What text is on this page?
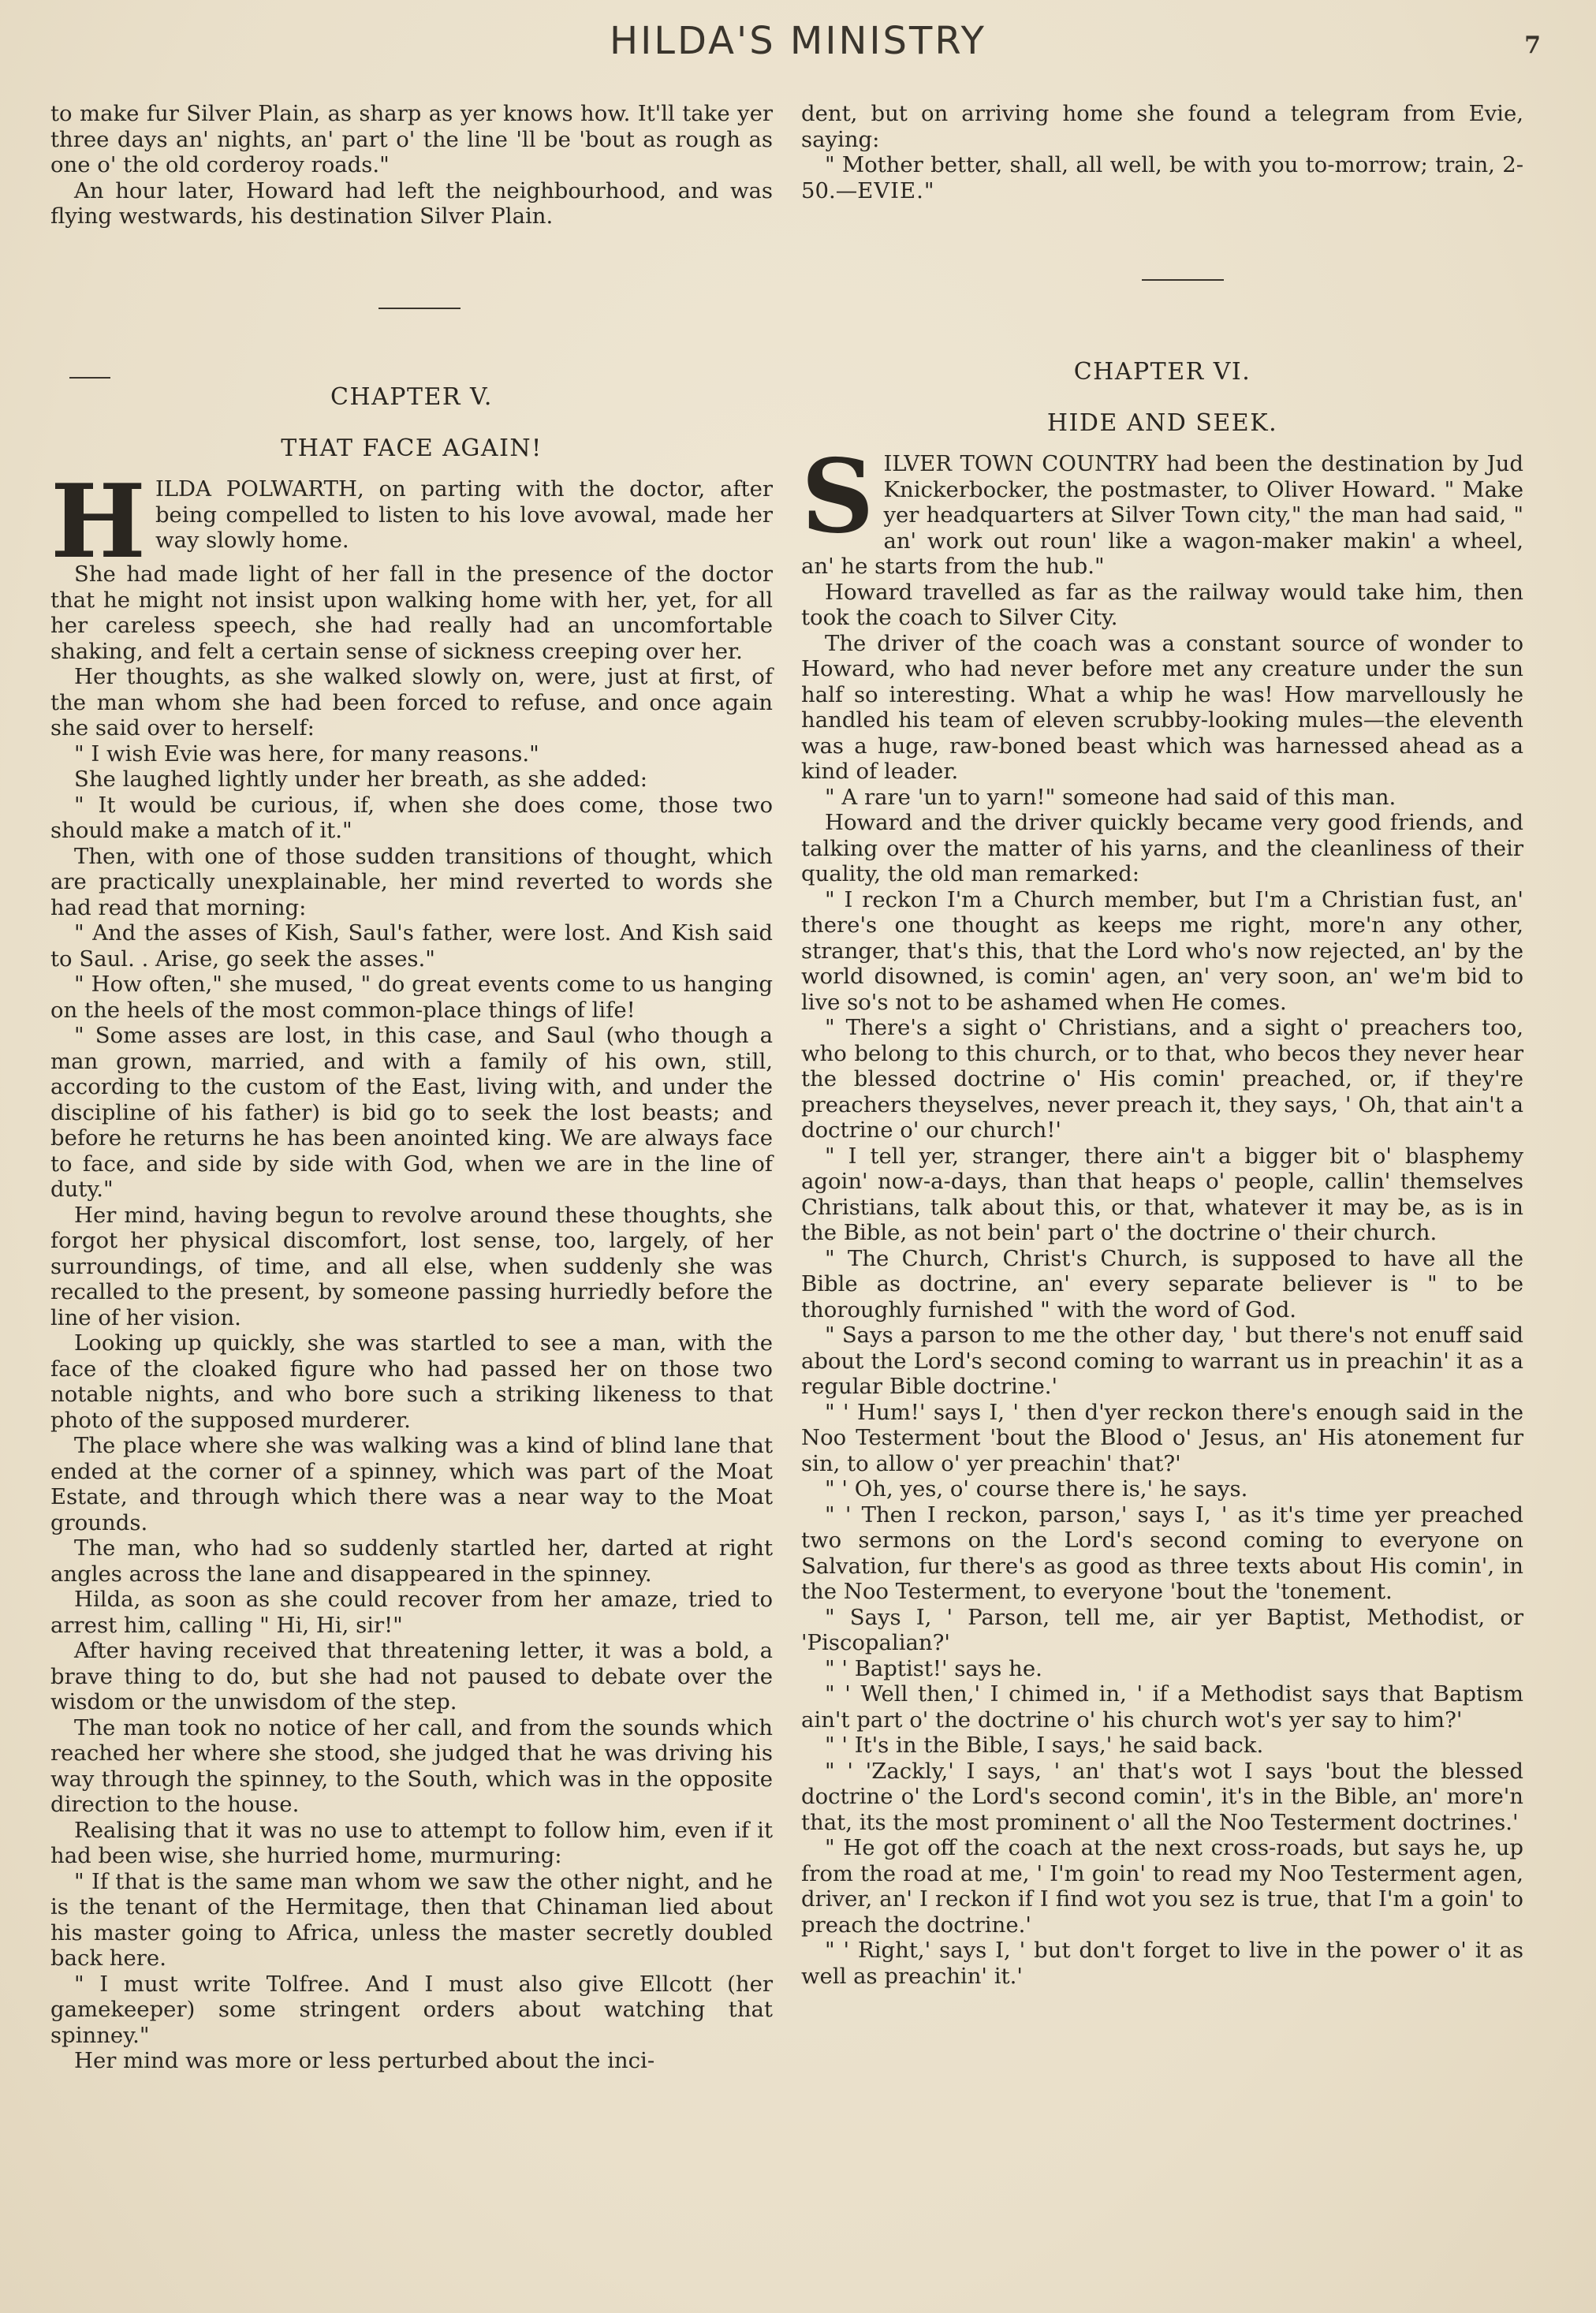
HILDA'S MINISTRY	7

to make fur Silver Plain, as sharp as yer knows how. It'll take yer three days an' nights, an' part o' the line 'll be 'bout as rough as one o' the old corderoy roads."

An hour later, Howard had left the neighbourhood, and was flying westwards, his destination Silver Plain.

dent, but on arriving home she found a telegram from Evie, saying:

" Mother better, shall, all well, be with you to-morrow; train, 2-50.—EVIE."

CHAPTER V.
THAT FACE AGAIN!
H ILDA POLWARTH, on parting with the doctor, after being compelled to listen to his love avowal, made her way slowly home.

She had made light of her fall in the presence of the doctor that he might not insist upon walking home with her, yet, for all her careless speech, she had really had an uncomfortable shaking, and felt a certain sense of sickness creeping over her.

Her thoughts, as she walked slowly on, were, just at first, of the man whom she had been forced to refuse, and once again she said over to herself:

" I wish Evie was here, for many reasons."

She laughed lightly under her breath, as she added:

" It would be curious, if, when she does come, those two should make a match of it."

Then, with one of those sudden transitions of thought, which are practically unexplainable, her mind reverted to words she had read that morning:

" And the asses of Kish, Saul's father, were lost. And Kish said to Saul. . Arise, go seek the asses."

" How often," she mused, " do great events come to us hanging on the heels of the most common-place things of life!

" Some asses are lost, in this case, and Saul (who though a man grown, married, and with a family of his own, still, according to the custom of the East, living with, and under the discipline of his father) is bid go to seek the lost beasts; and before he returns he has been anointed king. We are always face to face, and side by side with God, when we are in the line of duty."

Her mind, having begun to revolve around these thoughts, she forgot her physical discomfort, lost sense, too, largely, of her surroundings, of time, and all else, when suddenly she was recalled to the present, by someone passing hurriedly before the line of her vision.

Looking up quickly, she was startled to see a man, with the face of the cloaked figure who had passed her on those two notable nights, and who bore such a striking likeness to that photo of the supposed murderer.

The place where she was walking was a kind of blind lane that ended at the corner of a spinney, which was part of the Moat Estate, and through which there was a near way to the Moat grounds.

The man, who had so suddenly startled her, darted at right angles across the lane and disappeared in the spinney.

Hilda, as soon as she could recover from her amaze, tried to arrest him, calling " Hi, Hi, sir!"

After having received that threatening letter, it was a bold, a brave thing to do, but she had not paused to debate over the wisdom or the unwisdom of the step.

The man took no notice of her call, and from the sounds which reached her where she stood, she judged that he was driving his way through the spinney, to the South, which was in the opposite direction to the house.

Realising that it was no use to attempt to follow him, even if it had been wise, she hurried home, murmuring:

" If that is the same man whom we saw the other night, and he is the tenant of the Hermitage, then that Chinaman lied about his master going to Africa, unless the master secretly doubled back here.

" I must write Tolfree. And I must also give Ellcott (her gamekeeper) some stringent orders about watching that spinney."

Her mind was more or less perturbed about the inci-

CHAPTER VI.
HIDE AND SEEK.
S ILVER TOWN COUNTRY had been the destination by Jud Knickerbocker, the postmaster, to Oliver Howard. " Make yer headquarters at Silver Town city," the man had said, " an' work out roun' like a wagon-maker makin' a wheel, an' he starts from the hub."

Howard travelled as far as the railway would take him, then took the coach to Silver City.

The driver of the coach was a constant source of wonder to Howard, who had never before met any creature under the sun half so interesting. What a whip he was! How marvellously he handled his team of eleven scrubby-looking mules—the eleventh was a huge, raw-boned beast which was harnessed ahead as a kind of leader.

" A rare 'un to yarn!" someone had said of this man.

Howard and the driver quickly became very good friends, and talking over the matter of his yarns, and the cleanliness of their quality, the old man remarked:

" I reckon I'm a Church member, but I'm a Christian fust, an' there's one thought as keeps me right, more'n any other, stranger, that's this, that the Lord who's now rejected, an' by the world disowned, is comin' agen, an' very soon, an' we'm bid to live so's not to be ashamed when He comes.

" There's a sight o' Christians, and a sight o' preachers too, who belong to this church, or to that, who becos they never hear the blessed doctrine o' His comin' preached, or, if they're preachers theyselves, never preach it, they says, ' Oh, that ain't a doctrine o' our church!'

" I tell yer, stranger, there ain't a bigger bit o' blasphemy agoin' now-a-days, than that heaps o' people, callin' themselves Christians, talk about this, or that, whatever it may be, as is in the Bible, as not bein' part o' the doctrine o' their church.

" The Church, Christ's Church, is supposed to have all the Bible as doctrine, an' every separate believer is " to be thoroughly furnished " with the word of God.

" Says a parson to me the other day, ' but there's not enuff said about the Lord's second coming to warrant us in preachin' it as a regular Bible doctrine.'

" ' Hum!' says I, ' then d'yer reckon there's enough said in the Noo Testerment 'bout the Blood o' Jesus, an' His atonement fur sin, to allow o' yer preachin' that?'

" ' Oh, yes, o' course there is,' he says.

" ' Then I reckon, parson,' says I, ' as it's time yer preached two sermons on the Lord's second coming to everyone on Salvation, fur there's as good as three texts about His comin', in the Noo Testerment, to everyone 'bout the 'tonement.

" Says I, ' Parson, tell me, air yer Baptist, Methodist, or 'Piscopalian?'

" ' Baptist!' says he.

" ' Well then,' I chimed in, ' if a Methodist says that Baptism ain't part o' the doctrine o' his church wot's yer say to him?'

" ' It's in the Bible, I says,' he said back.

" ' 'Zackly,' I says, ' an' that's wot I says 'bout the blessed doctrine o' the Lord's second comin', it's in the Bible, an' more'n that, its the most prominent o' all the Noo Testerment doctrines.'

" He got off the coach at the next cross-roads, but says he, up from the road at me, ' I'm goin' to read my Noo Testerment agen, driver, an' I reckon if I find wot you sez is true, that I'm a goin' to preach the doctrine.'

" ' Right,' says I, ' but don't forget to live in the power o' it as well as preachin' it.'
